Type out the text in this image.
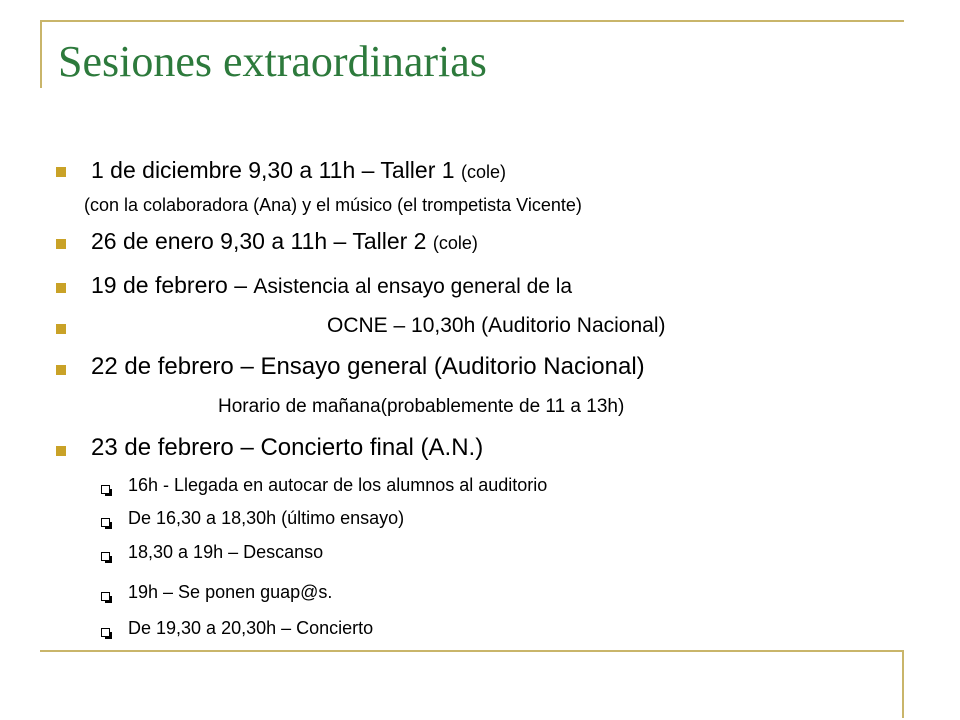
Sesiones extraordinarias
1 de diciembre 9,30 a 11h – Taller 1 (cole)
(con la colaboradora (Ana) y el músico (el trompetista Vicente)
26 de enero 9,30 a 11h – Taller 2 (cole)
19 de febrero – Asistencia al ensayo general de la
OCNE – 10,30h (Auditorio Nacional)
22 de febrero – Ensayo general (Auditorio Nacional)
Horario de mañana(probablemente de 11 a 13h)
23 de febrero – Concierto final (A.N.)
16h - Llegada en autocar de los alumnos al auditorio
De 16,30 a 18,30h (último ensayo)
18,30 a 19h – Descanso
19h – Se ponen guap@s.
De 19,30 a 20,30h – Concierto
